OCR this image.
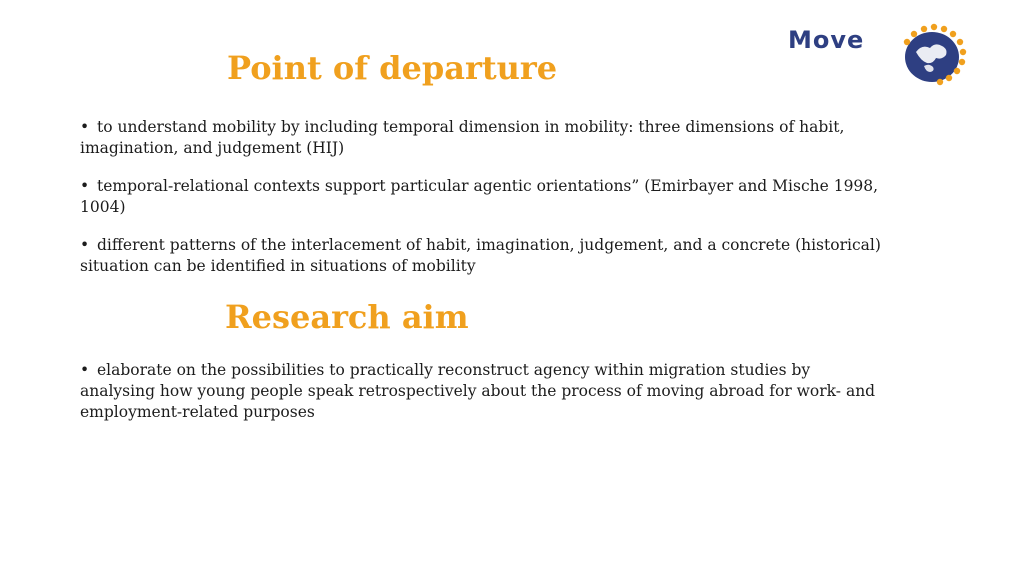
Move
Point of departure
• to understand mobility by including temporal dimension in mobility: three dimensions of habit, imagination, and judgement (HIJ)
• temporal-relational contexts support particular agentic orientations” (Emirbayer and Mische 1998, 1004)
• different patterns of the interlacement of habit, imagination, judgement, and a concrete (historical) situation can be identified in situations of mobility
Research aim
• elaborate on the possibilities to practically reconstruct agency within migration studies by analysing how young people speak retrospectively about the process of moving abroad for work- and employment-related purposes
